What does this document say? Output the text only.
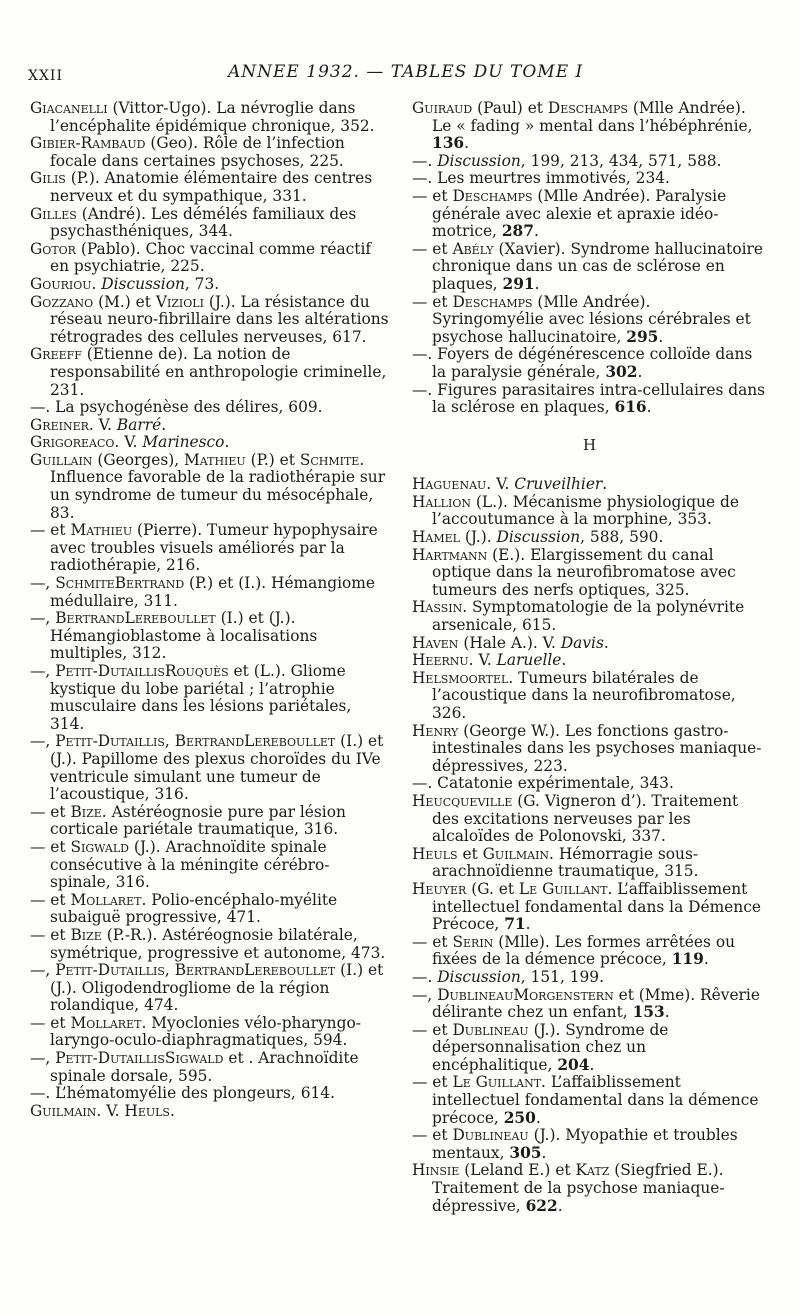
XXII	ANNEE 1932. — TABLES DU TOME I

Giacanelli (Vittor-Ugo). La névroglie dans l’encéphalite épidémique chronique, 352.

Gibier-Rambaud (Geo). Rôle de l’infection focale dans certaines psychoses, 225.

Gilis (P.). Anatomie élémentaire des centres nerveux et du sympathique, 331.

Gilles (André). Les démélés familiaux des psychasthéniques, 344.

Gotor (Pablo). Choc vaccinal comme réactif en psychiatrie, 225.

Gouriou. Discussion, 73.

Gozzano (M.) et Vizioli (J.). La résistance du réseau neuro-fibrillaire dans les altérations rétrogrades des cellules nerveuses, 617.

Greeff (Etienne de). La notion de responsabilité en anthropologie criminelle, 231.

—. La psychogénèse des délires, 609.

Greiner. V. Barré.

Grigoreaco. V. Marinesco.

Guillain (Georges), Mathieu (P.) et Schmite. Influence favorable de la radiothérapie sur un syndrome de tumeur du mésocéphale, 83.

— et Mathieu (Pierre). Tumeur hypophysaire avec troubles visuels améliorés par la radiothérapie, 216.

—, SchmiteBertrand (P.) et (I.). Hémangiome médullaire, 311.

—, BertrandLereboullet (I.) et (J.). Hémangioblastome à localisations multiples, 312.

—, Petit-DutaillisRouquès et (L.). Gliome kystique du lobe pariétal ; l’atrophie musculaire dans les lésions pariétales, 314.

—, Petit-Dutaillis, BertrandLereboullet (I.) et (J.). Papillome des plexus choroïdes du IVe ventricule simulant une tumeur de l’acoustique, 316.

— et Bize. Astéréognosie pure par lésion corticale pariétale traumatique, 316.

— et Sigwald (J.). Arachnoïdite spinale consécutive à la méningite cérébro-spinale, 316.

— et Mollaret. Polio-encéphalo-myélite subaiguë progressive, 471.

— et Bize (P.-R.). Astéréognosie bilatérale, symétrique, progressive et autonome, 473.

—, Petit-Dutaillis, BertrandLereboullet (I.) et (J.). Oligodendrogliome de la région rolandique, 474.

— et Mollaret. Myoclonies vélo-pharyngo-laryngo-oculo-diaphragmatiques, 594.

—, Petit-DutaillisSigwald et . Arachnoïdite spinale dorsale, 595.

—. L’hématomyélie des plongeurs, 614.

Guilmain. V. Heuls.

Guiraud (Paul) et Deschamps (Mlle Andrée). Le « fading » mental dans l’hébéphrénie, 136.

—. Discussion, 199, 213, 434, 571, 588.

—. Les meurtres immotivés, 234.

— et Deschamps (Mlle Andrée). Paralysie générale avec alexie et apraxie idéo-motrice, 287.

— et Abély (Xavier). Syndrome hallucinatoire chronique dans un cas de sclérose en plaques, 291.

— et Deschamps (Mlle Andrée). Syringomyélie avec lésions cérébrales et psychose hallucinatoire, 295.

—. Foyers de dégénérescence colloïde dans la paralysie générale, 302.

—. Figures parasitaires intra-cellulaires dans la sclérose en plaques, 616.

H

Haguenau. V. Cruveilhier.

Hallion (L.). Mécanisme physiologique de l’accoutumance à la morphine, 353.

Hamel (J.). Discussion, 588, 590.

Hartmann (E.). Elargissement du canal optique dans la neurofibromatose avec tumeurs des nerfs optiques, 325.

Hassin. Symptomatologie de la polynévrite arsenicale, 615.

Haven (Hale A.). V. Davis.

Heernu. V. Laruelle.

Helsmoortel. Tumeurs bilatérales de l’acoustique dans la neurofibromatose, 326.

Henry (George W.). Les fonctions gastro-intestinales dans les psychoses maniaque-dépressives, 223.

—. Catatonie expérimentale, 343.

Heucqueville (G. Vigneron d’). Traitement des excitations nerveuses par les alcaloïdes de Polonovski, 337.

Heuls et Guilmain. Hémorragie sous-arachnoïdienne traumatique, 315.

Heuyer (G. et Le Guillant. L’affaiblissement intellectuel fondamental dans la Démence Précoce, 71.

— et Serin (Mlle). Les formes arrêtées ou fixées de la démence précoce, 119.

—. Discussion, 151, 199.

—, DublineauMorgenstern et (Mme). Rêverie délirante chez un enfant, 153.

— et Dublineau (J.). Syndrome de dépersonnalisation chez un encéphalitique, 204.

— et Le Guillant. L’affaiblissement intellectuel fondamental dans la démence précoce, 250.

— et Dublineau (J.). Myopathie et troubles mentaux, 305.

Hinsie (Leland E.) et Katz (Siegfried E.). Traitement de la psychose maniaque-dépressive, 622.
